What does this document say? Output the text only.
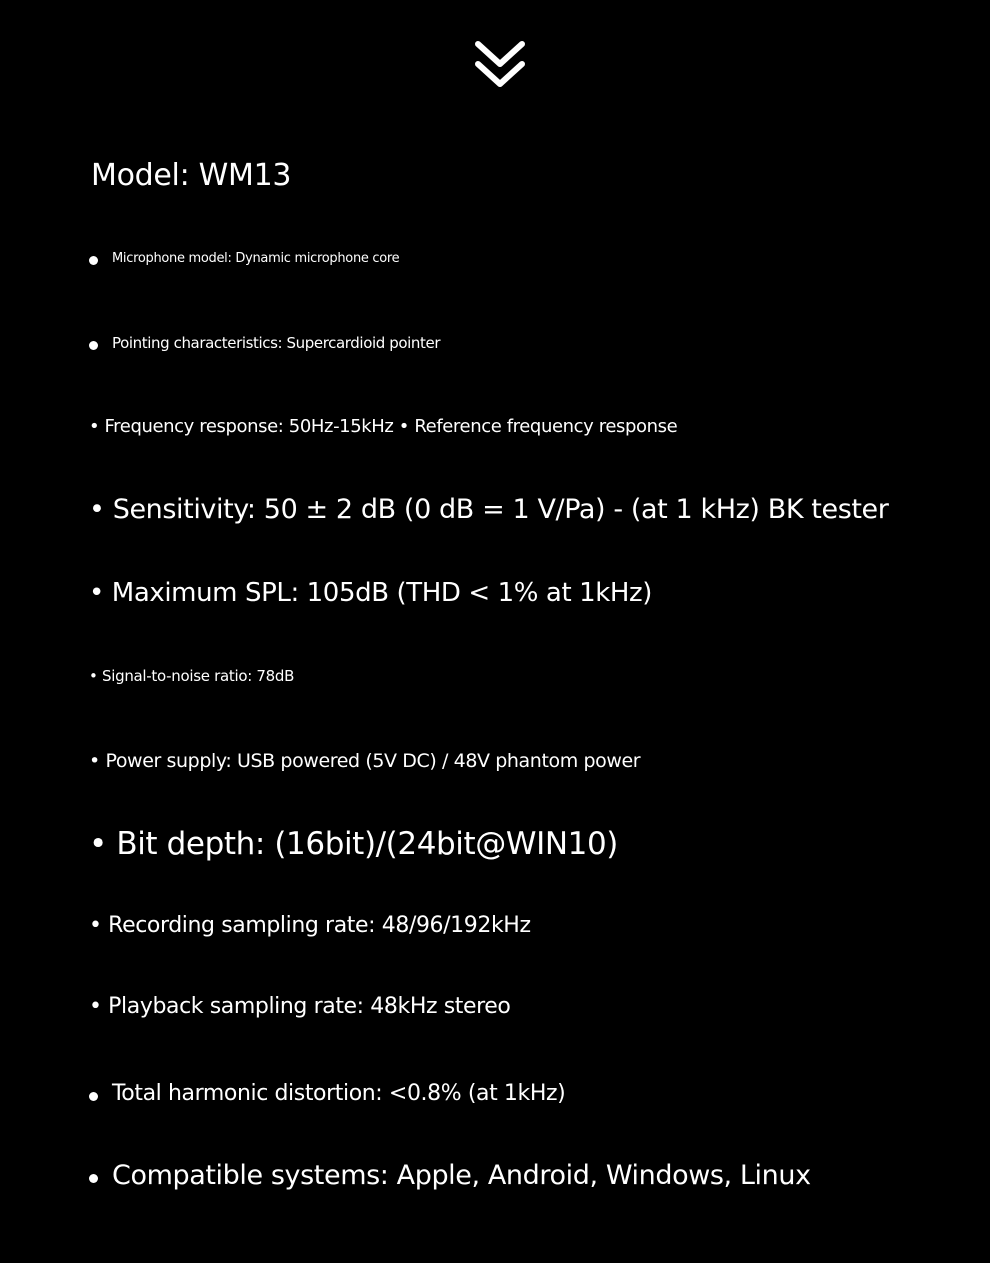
Model: WM13
Microphone model: Dynamic microphone core
Pointing characteristics: Supercardioid pointer
• Frequency response: 50Hz-15kHz • Reference frequency response
• Sensitivity: 50 ± 2 dB (0 dB = 1 V/Pa) - (at 1 kHz) BK tester
• Maximum SPL: 105dB (THD < 1% at 1kHz)
• Signal-to-noise ratio: 78dB
• Power supply: USB powered (5V DC) / 48V phantom power
• Bit depth: (16bit)/(24bit@WIN10)
• Recording sampling rate: 48/96/192kHz
• Playback sampling rate: 48kHz stereo
Total harmonic distortion: <0.8% (at 1kHz)
Compatible systems: Apple, Android, Windows, Linux
